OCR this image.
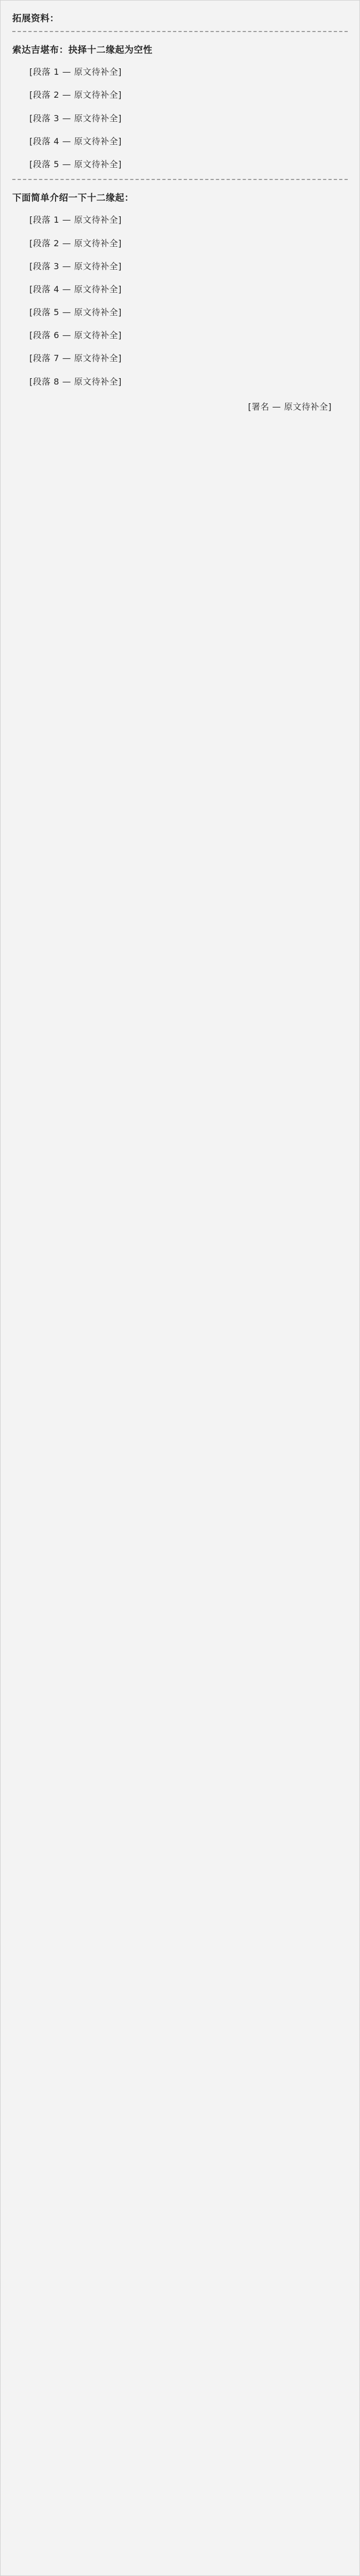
拓展资料：
索达吉堪布：抉择十二缘起为空性

[段落 1 — 原文待补全]

[段落 2 — 原文待补全]

[段落 3 — 原文待补全]

[段落 4 — 原文待补全]

[段落 5 — 原文待补全]

下面简单介绍一下十二缘起：

[段落 1 — 原文待补全]

[段落 2 — 原文待补全]

[段落 3 — 原文待补全]

[段落 4 — 原文待补全]

[段落 5 — 原文待补全]

[段落 6 — 原文待补全]

[段落 7 — 原文待补全]

[段落 8 — 原文待补全]

[署名 — 原文待补全]
